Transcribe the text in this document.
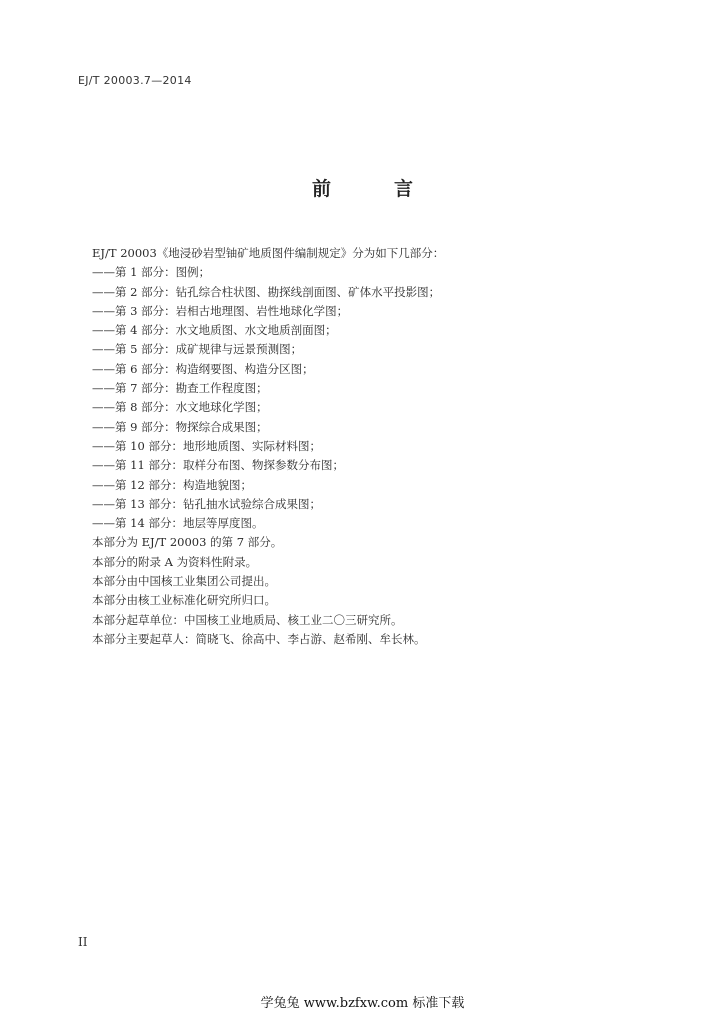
EJ/T 20003.7—2014
前　言
EJ/T 20003《地浸砂岩型铀矿地质图件编制规定》分为如下几部分：
——第 1 部分：图例；
——第 2 部分：钻孔综合柱状图、勘探线剖面图、矿体水平投影图；
——第 3 部分：岩相古地理图、岩性地球化学图；
——第 4 部分：水文地质图、水文地质剖面图；
——第 5 部分：成矿规律与远景预测图；
——第 6 部分：构造纲要图、构造分区图；
——第 7 部分：勘查工作程度图；
——第 8 部分：水文地球化学图；
——第 9 部分：物探综合成果图；
——第 10 部分：地形地质图、实际材料图；
——第 11 部分：取样分布图、物探参数分布图；
——第 12 部分：构造地貌图；
——第 13 部分：钻孔抽水试验综合成果图；
——第 14 部分：地层等厚度图。
本部分为 EJ/T 20003 的第 7 部分。
本部分的附录 A 为资料性附录。
本部分由中国核工业集团公司提出。
本部分由核工业标准化研究所归口。
本部分起草单位：中国核工业地质局、核工业二〇三研究所。
本部分主要起草人：简晓飞、徐高中、李占游、赵希刚、牟长林。
II
学兔兔 www.bzfxw.com 标准下载
